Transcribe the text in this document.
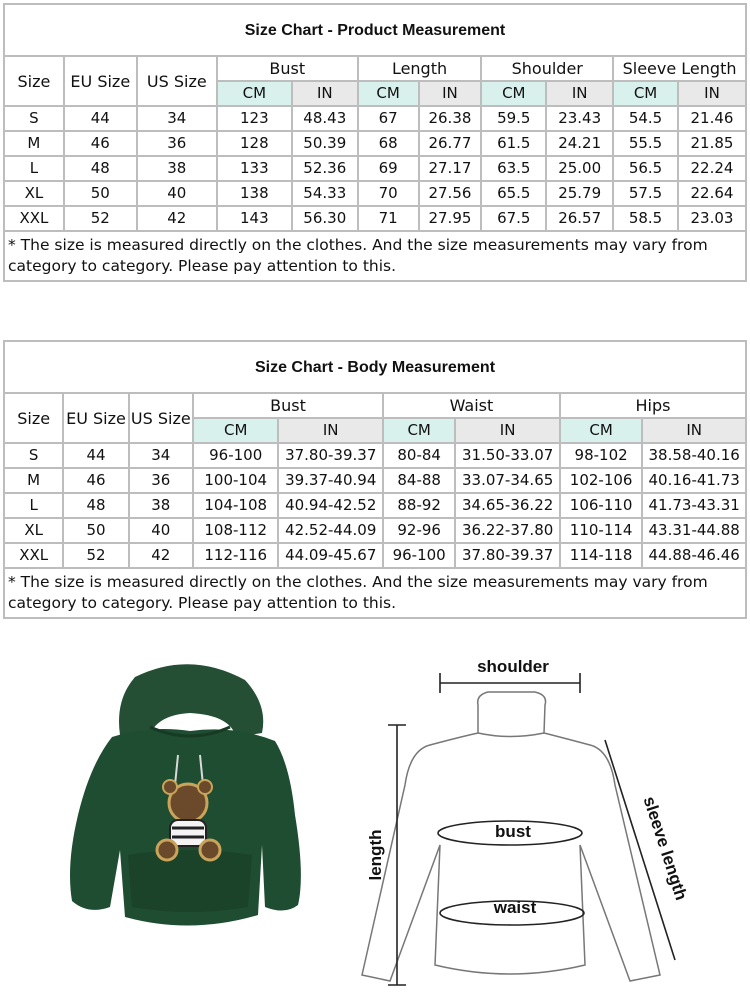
Size Chart - Product Measurement										
Size	EU Size	US Size	Bust		Length		Shoulder		Sleeve Length	
			CM	IN	CM	IN	CM	IN	CM	IN
S	44	34	123	48.43	67	26.38	59.5	23.43	54.5	21.46
M	46	36	128	50.39	68	26.77	61.5	24.21	55.5	21.85
L	48	38	133	52.36	69	27.17	63.5	25.00	56.5	22.24
XL	50	40	138	54.33	70	27.56	65.5	25.79	57.5	22.64
XXL	52	42	143	56.30	71	27.95	67.5	26.57	58.5	23.03
* The size is measured directly on the clothes. And the size measurements may vary from category to category. Please pay attention to this.										
Size Chart - Body Measurement								
Size	EU Size	US Size	Bust		Waist		Hips	
			CM	IN	CM	IN	CM	IN
S	44	34	96-100	37.80-39.37	80-84	31.50-33.07	98-102	38.58-40.16
M	46	36	100-104	39.37-40.94	84-88	33.07-34.65	102-106	40.16-41.73
L	48	38	104-108	40.94-42.52	88-92	34.65-36.22	106-110	41.73-43.31
XL	50	40	108-112	42.52-44.09	92-96	36.22-37.80	110-114	43.31-44.88
XXL	52	42	112-116	44.09-45.67	96-100	37.80-39.37	114-118	44.88-46.46
* The size is measured directly on the clothes. And the size measurements may vary from category to category. Please pay attention to this.								
shoulder
bust
waist
length	sleeve length
